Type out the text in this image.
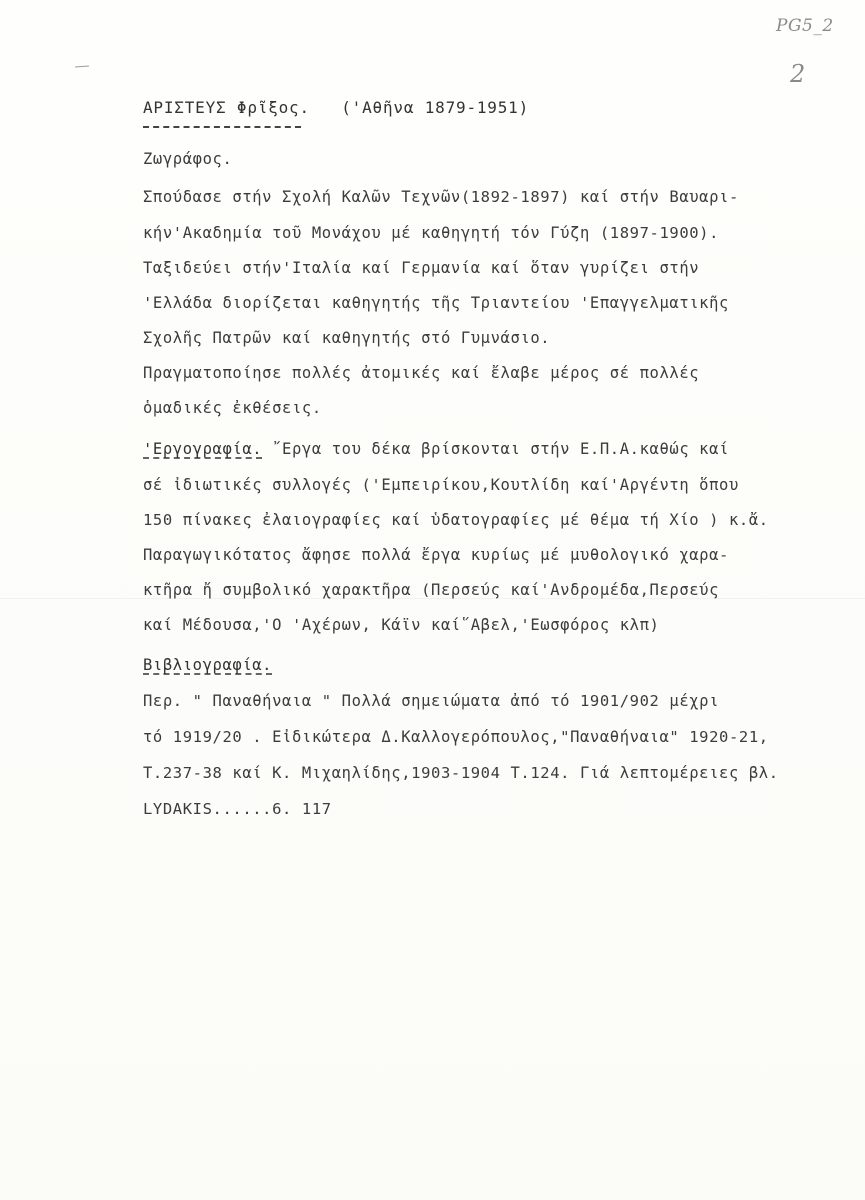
PG5_2
2
ΑΡΙΣΤΕΥΣ Φρῖξος. ('Αθῆνα 1879-1951)
Ζωγράφος.
Σπούδασε στήν Σχολή Καλῶν Τεχνῶν(1892-1897) καί στήν Βαυαρι-
κήν'Ακαδημία τοῦ Μονάχου μέ καθηγητή τόν Γύζη (1897-1900).
Ταξιδεύει στήν'Ιταλία καί Γερμανία καί ὅταν γυρίζει στήν
'Ελλάδα διορίζεται καθηγητής τῆς Τριαντείου 'Επαγγελματικῆς
Σχολῆς Πατρῶν καί καθηγητής στό Γυμνάσιο.
Πραγματοποίησε πολλές ἀτομικές καί ἔλαβε μέρος σέ πολλές
ὁμαδικές ἐκθέσεις.
'Εργογραφία. ῎Εργα του δέκα βρίσκονται στήν Ε.Π.Α.καθώς καί
σέ ἰδιωτικές συλλογές ('Εμπειρίκου,Κουτλίδη καί'Αργέντη ὅπου
150 πίνακες ἐλαιογραφίες καί ὑδατογραφίες μέ θέμα τή Χίο ) κ.ἄ.
Παραγωγικότατος ἄφησε πολλά ἔργα κυρίως μέ μυθολογικό χαρα-
κτῆρα ἤ συμβολικό χαρακτῆρα (Περσεύς καί'Ανδρομέδα,Περσεύς
καί Μέδουσα,'Ο 'Αχέρων, Κάϊν καί῞Αβελ,'Εωσφόρος κλπ)
Βιβλιογραφία.
Περ. " Παναθήναια " Πολλά σημειώματα ἀπό τό 1901/902 μέχρι
τό 1919/20 . Εἰδικώτερα Δ.Καλλογερόπουλος,"Παναθήναια" 1920-21,
Τ.237-38 καί Κ. Μιχαηλίδης,1903-1904 Τ.124. Γιά λεπτομέρειες βλ.
LYDAKIS......6. 117
